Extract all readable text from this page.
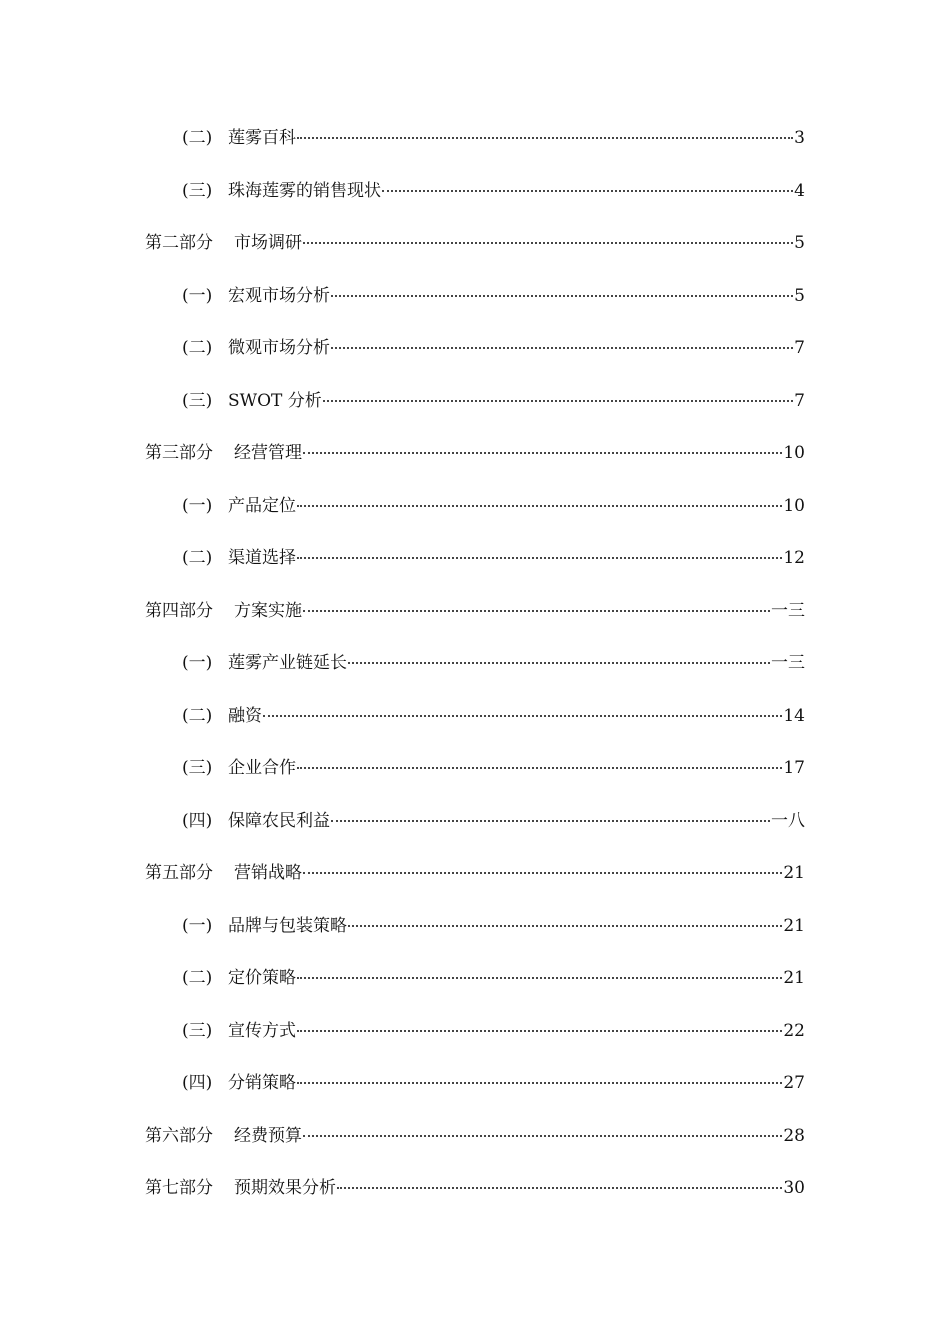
(二) 莲雾百科	3
(三) 珠海莲雾的销售现状	4
第二部分 市场调研	5
(一) 宏观市场分析	5
(二) 微观市场分析	7
(三) SWOT 分析	7
第三部分 经营管理	10
(一) 产品定位	10
(二) 渠道选择	12
第四部分 方案实施	一三
(一) 莲雾产业链延长	一三
(二) 融资	14
(三) 企业合作	17
(四) 保障农民利益	一八
第五部分 营销战略	21
(一) 品牌与包装策略	21
(二) 定价策略	21
(三) 宣传方式	22
(四) 分销策略	27
第六部分 经费预算	28
第七部分 预期效果分析	30
